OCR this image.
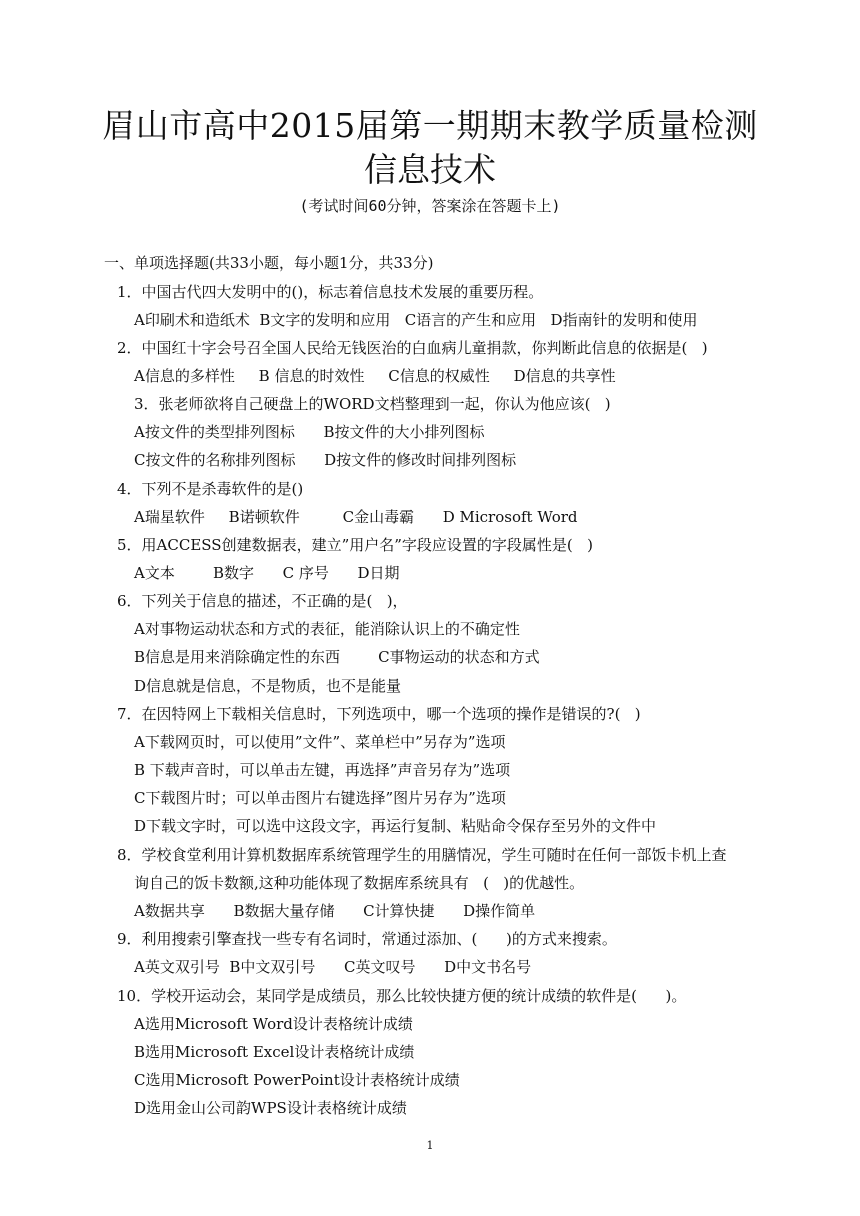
眉山市高中2015届第一期期末教学质量检测
信息技术
(考试时间60分钟，答案涂在答题卡上)
一、单项选择题(共33小题，每小题1分，共33分)
1．中国古代四大发明中的()，标志着信息技术发展的重要历程。
A印刷术和造纸术  B文字的发明和应用   C语言的产生和应用   D指南针的发明和使用
2．中国红十字会号召全国人民给无钱医治的白血病儿童捐款，你判断此信息的依据是(   )
A信息的多样性     B 信息的时效性     C信息的权威性     D信息的共享性
3．张老师欲将自己硬盘上的WORD文档整理到一起，你认为他应该(   )
A按文件的类型排列图标      B按文件的大小排列图标
C按文件的名称排列图标      D按文件的修改时间排列图标
4．下列不是杀毒软件的是()
A瑞星软件     B诺顿软件         C金山毒霸      D Microsoft Word
5．用ACCESS创建数据表，建立”用户名”字段应设置的字段属性是(   )
A文本        B数字      C 序号      D日期
6．下列关于信息的描述，不正确的是(   )，
A对事物运动状态和方式的表征，能消除认识上的不确定性
B信息是用来消除确定性的东西        C事物运动的状态和方式
D信息就是信息，不是物质，也不是能量
7．在因特网上下载相关信息时，下列选项中，哪一个选项的操作是错误的?(   )
A下载网页时，可以使用”文件”、菜单栏中”另存为”选项
B 下载声音时，可以单击左键，再选择”声音另存为”选项
C下载图片时；可以单击图片右键选择”图片另存为”选项
D下载文字时，可以选中这段文字，再运行复制、粘贴命令保存至另外的文件中
8．学校食堂利用计算机数据库系统管理学生的用膳情况，学生可随时在任何一部饭卡机上查
询自己的饭卡数额,这种功能体现了数据库系统具有   (   )的优越性。
A数据共享      B数据大量存储      C计算快捷      D操作简单
9．利用搜索引擎查找一些专有名词时，常通过添加、(      )的方式来搜索。
A英文双引号  B中文双引号      C英文叹号      D中文书名号
10．学校开运动会，某同学是成绩员，那么比较快捷方便的统计成绩的软件是(      )。
A选用Microsoft Word设计表格统计成绩
B选用Microsoft Excel设计表格统计成绩
C选用Microsoft PowerPoint设计表格统计成绩
D选用金山公司韵WPS设计表格统计成绩
1
